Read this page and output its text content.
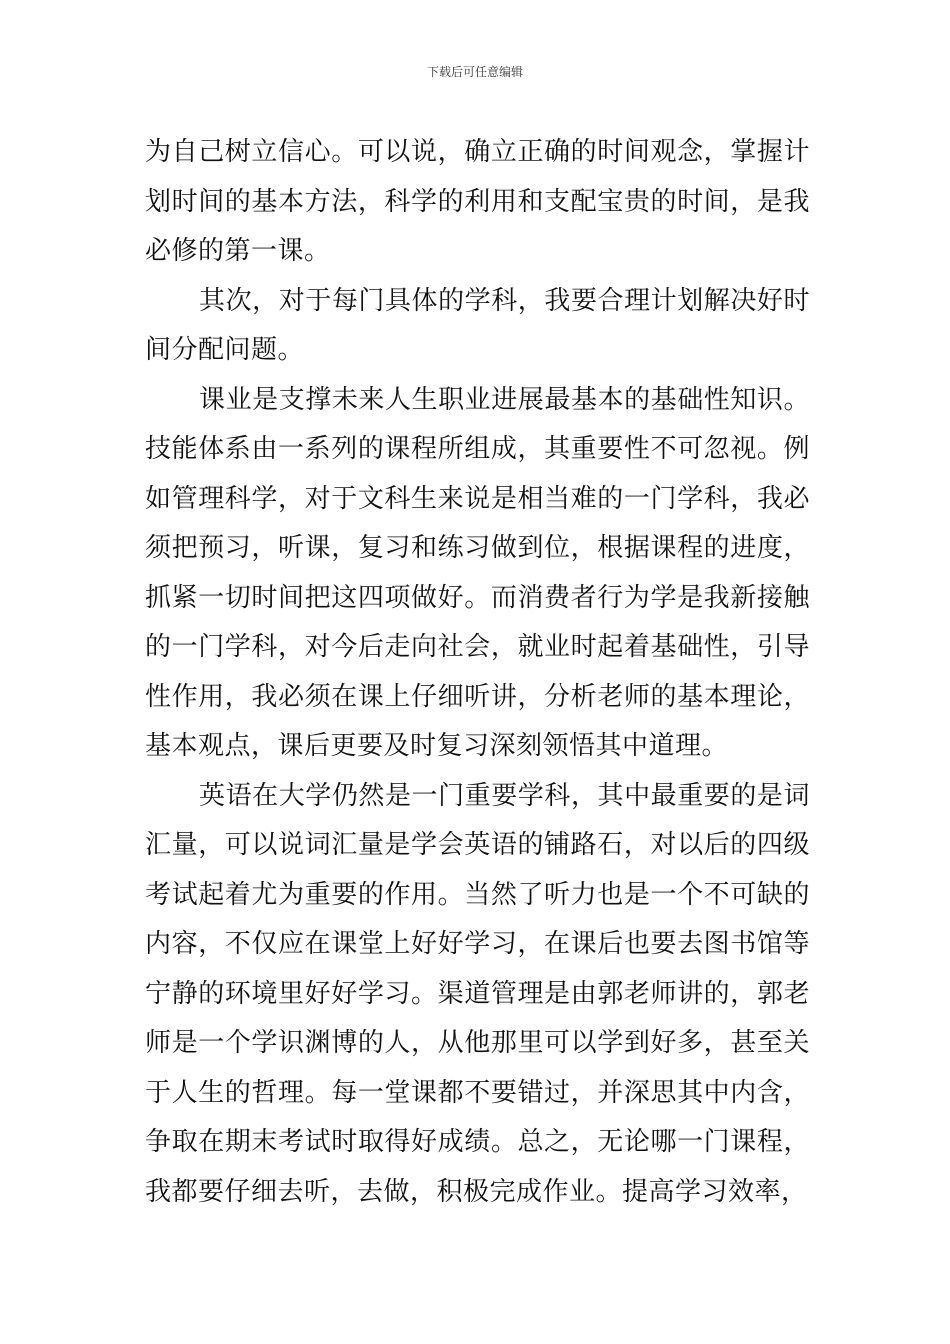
下载后可任意编辑

为自己树立信心。可以说，确立正确的时间观念，掌握计划时间的基本方法，科学的利用和支配宝贵的时间，是我必修的第一课。

其次，对于每门具体的学科，我要合理计划解决好时间分配问题。

课业是支撑未来人生职业进展最基本的基础性知识。技能体系由一系列的课程所组成，其重要性不可忽视。例如管理科学，对于文科生来说是相当难的一门学科，我必须把预习，听课，复习和练习做到位，根据课程的进度，抓紧一切时间把这四项做好。而消费者行为学是我新接触的一门学科，对今后走向社会，就业时起着基础性，引导性作用，我必须在课上仔细听讲，分析老师的基本理论，基本观点，课后更要及时复习深刻领悟其中道理。

英语在大学仍然是一门重要学科，其中最重要的是词汇量，可以说词汇量是学会英语的铺路石，对以后的四级考试起着尤为重要的作用。当然了听力也是一个不可缺的内容，不仅应在课堂上好好学习，在课后也要去图书馆等宁静的环境里好好学习。渠道管理是由郭老师讲的，郭老师是一个学识渊博的人，从他那里可以学到好多，甚至关于人生的哲理。每一堂课都不要错过，并深思其中内含，争取在期末考试时取得好成绩。总之，无论哪一门课程，我都要仔细去听，去做，积极完成作业。提高学习效率，
